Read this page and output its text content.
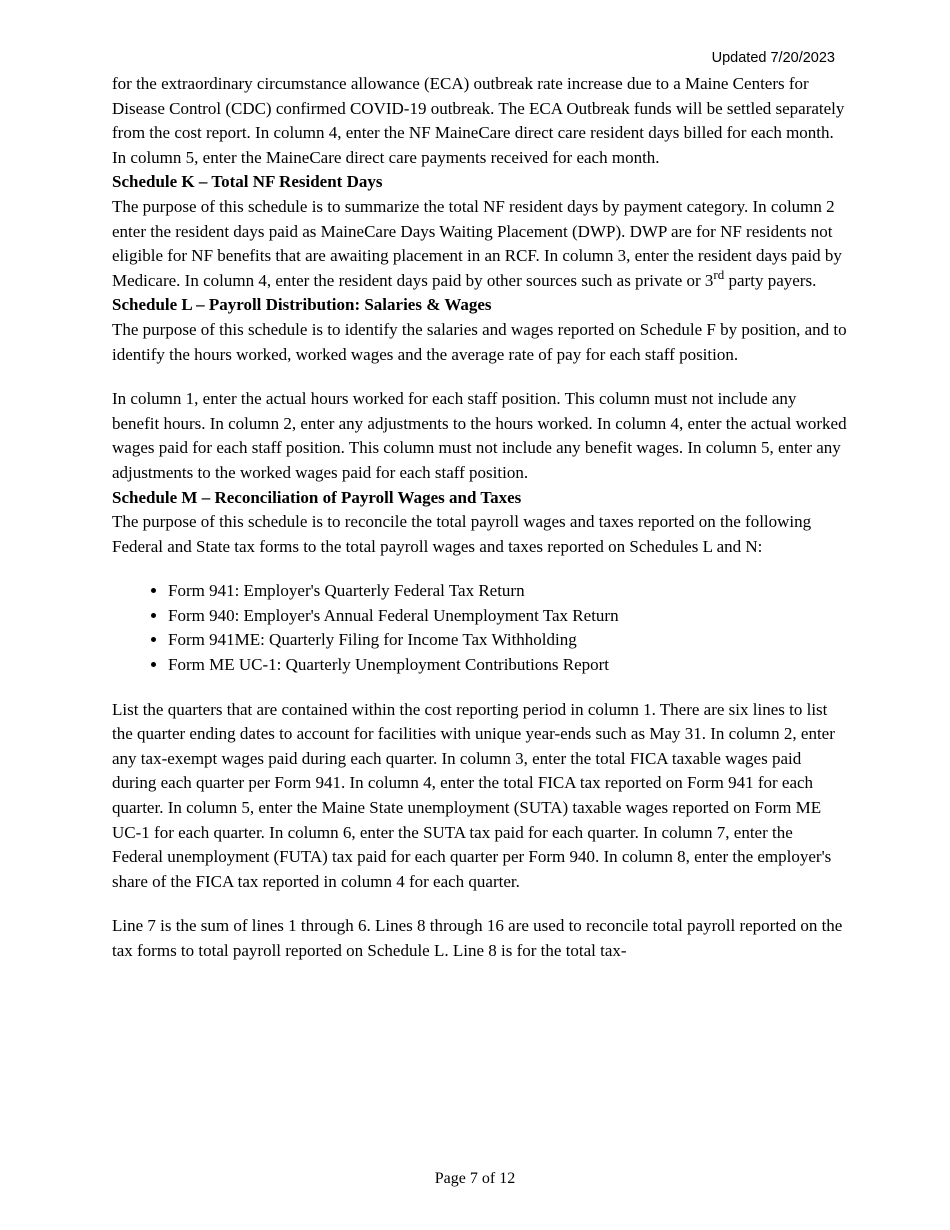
Updated 7/20/2023

for the extraordinary circumstance allowance (ECA) outbreak rate increase due to a Maine Centers for Disease Control (CDC) confirmed COVID-19 outbreak. The ECA Outbreak funds will be settled separately from the cost report. In column 4, enter the NF MaineCare direct care resident days billed for each month. In column 5, enter the MaineCare direct care payments received for each month.

Schedule K – Total NF Resident Days

The purpose of this schedule is to summarize the total NF resident days by payment category. In column 2 enter the resident days paid as MaineCare Days Waiting Placement (DWP). DWP are for NF residents not eligible for NF benefits that are awaiting placement in an RCF. In column 3, enter the resident days paid by Medicare. In column 4, enter the resident days paid by other sources such as private or 3rd party payers.

Schedule L – Payroll Distribution: Salaries & Wages

The purpose of this schedule is to identify the salaries and wages reported on Schedule F by position, and to identify the hours worked, worked wages and the average rate of pay for each staff position.

In column 1, enter the actual hours worked for each staff position. This column must not include any benefit hours. In column 2, enter any adjustments to the hours worked. In column 4, enter the actual worked wages paid for each staff position. This column must not include any benefit wages. In column 5, enter any adjustments to the worked wages paid for each staff position.

Schedule M – Reconciliation of Payroll Wages and Taxes

The purpose of this schedule is to reconcile the total payroll wages and taxes reported on the following Federal and State tax forms to the total payroll wages and taxes reported on Schedules L and N:

• Form 941: Employer's Quarterly Federal Tax Return
• Form 940: Employer's Annual Federal Unemployment Tax Return
• Form 941ME: Quarterly Filing for Income Tax Withholding
• Form ME UC-1: Quarterly Unemployment Contributions Report

List the quarters that are contained within the cost reporting period in column 1. There are six lines to list the quarter ending dates to account for facilities with unique year-ends such as May 31. In column 2, enter any tax-exempt wages paid during each quarter. In column 3, enter the total FICA taxable wages paid during each quarter per Form 941. In column 4, enter the total FICA tax reported on Form 941 for each quarter. In column 5, enter the Maine State unemployment (SUTA) taxable wages reported on Form ME UC-1 for each quarter. In column 6, enter the SUTA tax paid for each quarter. In column 7, enter the Federal unemployment (FUTA) tax paid for each quarter per Form 940. In column 8, enter the employer's share of the FICA tax reported in column 4 for each quarter.

Line 7 is the sum of lines 1 through 6. Lines 8 through 16 are used to reconcile total payroll reported on the tax forms to total payroll reported on Schedule L. Line 8 is for the total tax-

Page 7 of 12
